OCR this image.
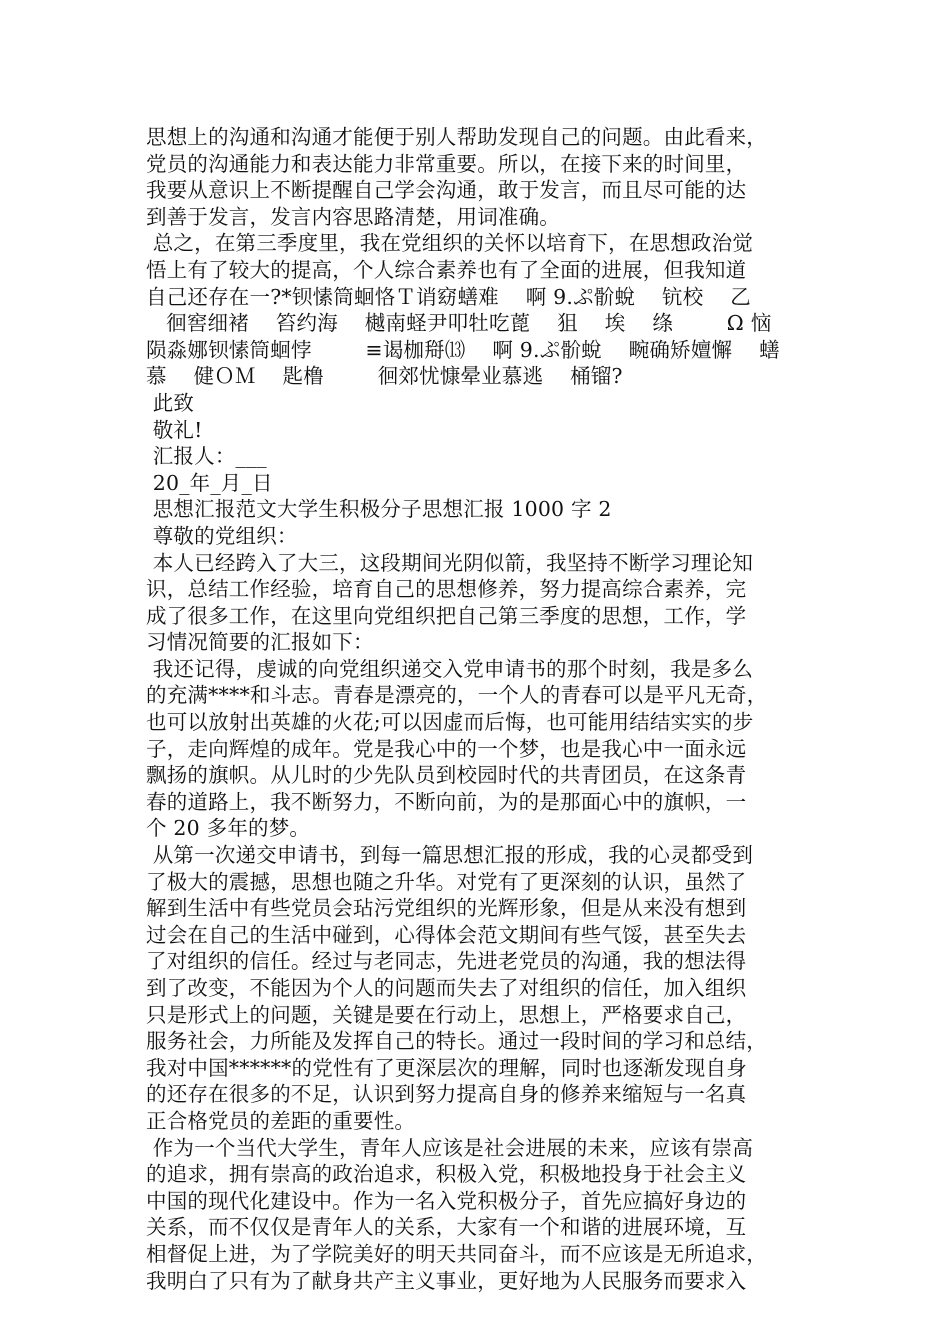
思想上的沟通和沟通才能便于别人帮助发现自己的问题。由此看来，
党员的沟通能力和表达能力非常重要。所以，在接下来的时间里，
我要从意识上不断提醒自己学会沟通，敢于发言，而且尽可能的达
到善于发言，发言内容思路清楚，用词准确。
总之，在第三季度里，我在党组织的关怀以培育下，在思想政治觉
悟上有了较大的提高，个人综合素养也有了全面的进展，但我知道
自己还存在一?*钡愫筒蛔恪Ｔ诮窈蟮难    啊 9.ぷ骱蛻    钪校    乙
徊窖细褚    笞约海    樾南蛏尹叩牡吃蓖    狙    埃    绦        Ω 恼
陨淼娜钡愫筒蛔悖        ≡谒枷搿⒀    啊 9.ぷ骱蛻    畹确矫嬗懈    蟮
慕    健ＯＭ    匙橹        徊郊忧慷晕业慕逃    桶镏?
此致
敬礼!
汇报人：___
20_年_月_日
思想汇报范文大学生积极分子思想汇报 1000 字 2
尊敬的党组织：
本人已经跨入了大三，这段期间光阴似箭，我坚持不断学习理论知
识，总结工作经验，培育自己的思想修养，努力提高综合素养，完
成了很多工作，在这里向党组织把自己第三季度的思想，工作，学
习情况简要的汇报如下：
我还记得，虔诚的向党组织递交入党申请书的那个时刻，我是多么
的充满****和斗志。青春是漂亮的，一个人的青春可以是平凡无奇，
也可以放射出英雄的火花;可以因虚而后悔，也可能用结结实实的步
子，走向辉煌的成年。党是我心中的一个梦，也是我心中一面永远
飘扬的旗帜。从儿时的少先队员到校园时代的共青团员，在这条青
春的道路上，我不断努力，不断向前，为的是那面心中的旗帜，一
个 20 多年的梦。
从第一次递交申请书，到每一篇思想汇报的形成，我的心灵都受到
了极大的震撼，思想也随之升华。对党有了更深刻的认识，虽然了
解到生活中有些党员会玷污党组织的光辉形象，但是从来没有想到
过会在自己的生活中碰到，心得体会范文期间有些气馁，甚至失去
了对组织的信任。经过与老同志，先进老党员的沟通，我的想法得
到了改变，不能因为个人的问题而失去了对组织的信任，加入组织
只是形式上的问题，关键是要在行动上，思想上，严格要求自己，
服务社会，力所能及发挥自己的特长。通过一段时间的学习和总结，
我对中国******的党性有了更深层次的理解，同时也逐渐发现自身
的还存在很多的不足，认识到努力提高自身的修养来缩短与一名真
正合格党员的差距的重要性。
作为一个当代大学生，青年人应该是社会进展的未来，应该有崇高
的追求，拥有崇高的政治追求，积极入党，积极地投身于社会主义
中国的现代化建设中。作为一名入党积极分子，首先应搞好身边的
关系，而不仅仅是青年人的关系，大家有一个和谐的进展环境，互
相督促上进，为了学院美好的明天共同奋斗，而不应该是无所追求，
我明白了只有为了献身共产主义事业，更好地为人民服务而要求入
